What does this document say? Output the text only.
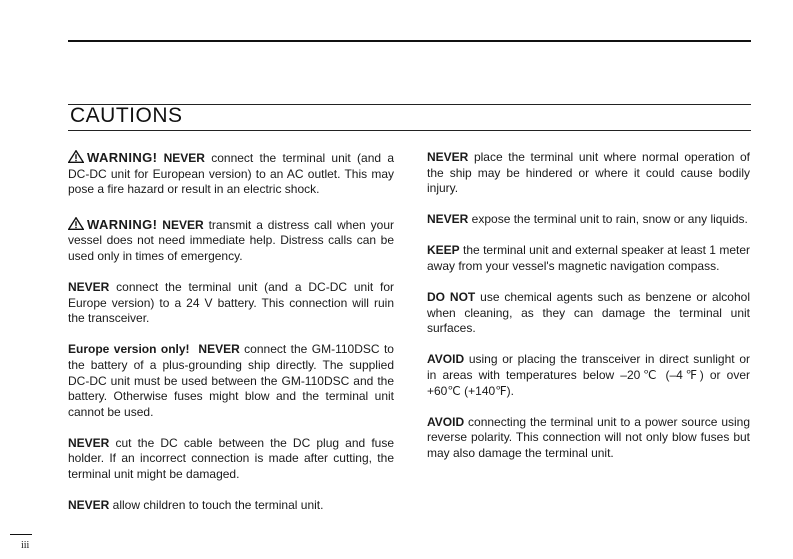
CAUTIONS

WARNING! NEVER connect the terminal unit (and a DC-DC unit for European version) to an AC outlet. This may pose a fire hazard or result in an electric shock.

WARNING! NEVER transmit a distress call when your vessel does not need immediate help. Distress calls can be used only in times of emergency.

NEVER connect the terminal unit (and a DC-DC unit for Europe version) to a 24 V battery. This connection will ruin the transceiver.

Europe version only! NEVER connect the GM-110DSC to the battery of a plus-grounding ship directly. The supplied DC-DC unit must be used between the GM-110DSC and the battery. Otherwise fuses might blow and the terminal unit cannot be used.

NEVER cut the DC cable between the DC plug and fuse holder. If an incorrect connection is made after cutting, the terminal unit might be damaged.

NEVER allow children to touch the terminal unit.

NEVER place the terminal unit where normal operation of the ship may be hindered or where it could cause bodily injury.

NEVER expose the terminal unit to rain, snow or any liquids.

KEEP the terminal unit and external speaker at least 1 meter away from your vessel's magnetic navigation compass.

DO NOT use chemical agents such as benzene or alcohol when cleaning, as they can damage the terminal unit surfaces.

AVOID using or placing the transceiver in direct sunlight or in areas with temperatures below –20℃ (–4℉) or over +60℃ (+140℉).

AVOID connecting the terminal unit to a power source using reverse polarity. This connection will not only blow fuses but may also damage the terminal unit.

iii
